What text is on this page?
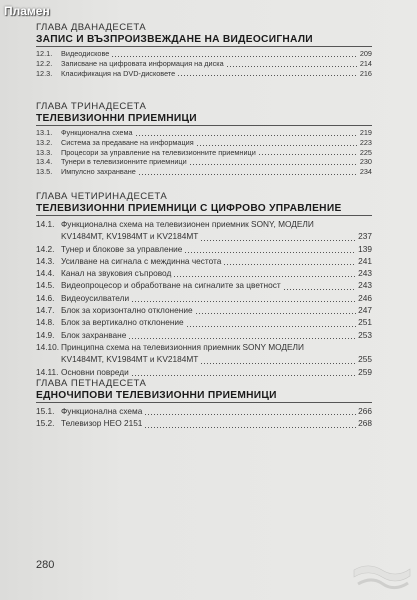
Пламен
ГЛАВА ДВАНАДЕСЕТА
ЗАПИС И ВЪЗПРОИЗВЕЖДАНЕ НА ВИДЕОСИГНАЛИ
12.1.	Видеодискове	209
12.2.	Записване на цифровата информация на диска	214
12.3.	Класификация на DVD-дисковете	216
ГЛАВА ТРИНАДЕСЕТА
ТЕЛЕВИЗИОННИ ПРИЕМНИЦИ
13.1.	Функционална схема	219
13.2.	Система за предаване на информация	223
13.3.	Процесори за управление на телевизионните приемници	225
13.4.	Тунери в телевизионните приемници	230
13.5.	Импулсно захранване	234
ГЛАВА ЧЕТИРИНАДЕСЕТА
ТЕЛЕВИЗИОННИ ПРИЕМНИЦИ С ЦИФРОВО УПРАВЛЕНИЕ
14.1. Функционална схема на телевизионен приемник SONY, МОДЕЛИ
KV1484MT, KV1984MT и KV2184MT	237
14.2. Тунер и блокове за управление	139
14.3. Усилване на сигнала с междинна честота	241
14.4. Канал на звуковия съпровод	243
14.5. Видеопроцесор и обработване на сигналите за цветност	243
14.6. Видеоусилватели	246
14.7. Блок за хоризонтално отклонение	247
14.8. Блок за вертикално отклонение	251
14.9. Блок захранване	253
14.10. Принципна схема на телевизионния приемник SONY МОДЕЛИ
KV1484MT, KV1984MT и KV2184MT	255
14.11. Основни повреди	259
ГЛАВА ПЕТНАДЕСЕТА
ЕДНОЧИПОВИ ТЕЛЕВИЗИОННИ ПРИЕМНИЦИ
15.1. Функционална схема	266
15.2. Телевизор НЕО 2151	268
280
